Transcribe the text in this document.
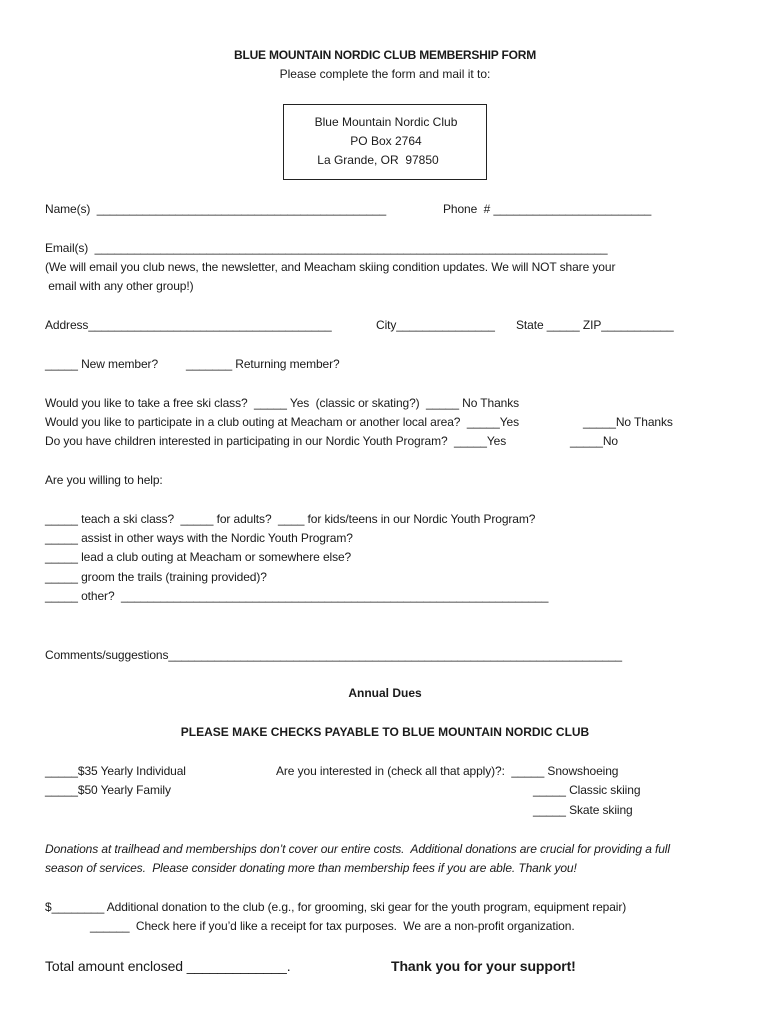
BLUE MOUNTAIN NORDIC CLUB MEMBERSHIP FORM
Please complete the form and mail it to:
Blue Mountain Nordic Club
PO Box 2764
La Grande, OR  97850
Name(s)  ____________________________________________	Phone  # ________________________
Email(s)  ______________________________________________________________________________
(We will email you club news, the newsletter, and Meacham skiing condition updates. We will NOT share your
email with any other group!)
Address_____________________________________	City_______________ State _____ ZIP___________
_____ New member? _______ Returning member?
Would you like to take a free ski class?  _____ Yes  (classic or skating?)  _____ No Thanks
Would you like to participate in a club outing at Meacham or another local area?  _____Yes	_____No Thanks
Do you have children interested in participating in our Nordic Youth Program?  _____Yes	_____No
Are you willing to help:
_____ teach a ski class?  _____ for adults?  ____ for kids/teens in our Nordic Youth Program?
_____ assist in other ways with the Nordic Youth Program?
_____ lead a club outing at Meacham or somewhere else?
_____ groom the trails (training provided)?
_____ other?  _________________________________________________________________
Comments/suggestions_____________________________________________________________________
Annual Dues
PLEASE MAKE CHECKS PAYABLE TO BLUE MOUNTAIN NORDIC CLUB
_____$35 Yearly Individual
_____$50 Yearly Family
Are you interested in (check all that apply)?:  _____ Snowshoeing
_____ Classic skiing
_____ Skate skiing
Donations at trailhead and memberships don’t cover our entire costs.  Additional donations are crucial for providing a full
season of services.  Please consider donating more than membership fees if you are able. Thank you!
$________ Additional donation to the club (e.g., for grooming, ski gear for the youth program, equipment repair)
______  Check here if you’d like a receipt for tax purposes.  We are a non-profit organization.
Total amount enclosed _____________.	Thank you for your support!
